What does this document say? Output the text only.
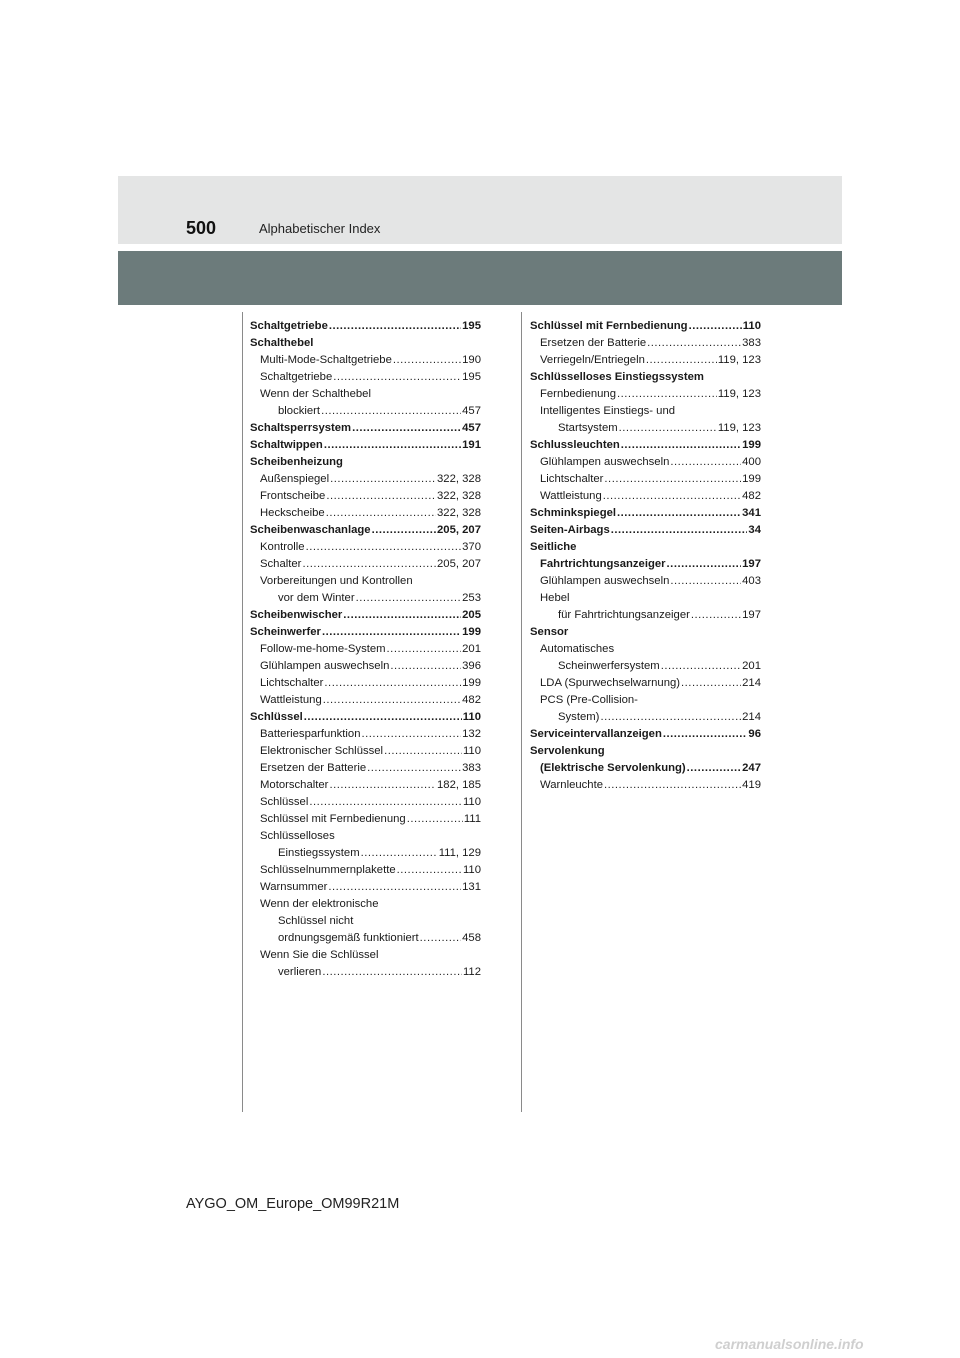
500	Alphabetischer Index
Schaltgetriebe .....	195
Schalthebel
Multi-Mode-Schaltgetriebe .....	190
Schaltgetriebe .....	195
Wenn der Schalthebel
blockiert .....	457
Schaltsperrsystem .....	457
Schaltwippen .....	191
Scheibenheizung
Außenspiegel .....	322, 328
Frontscheibe .....	322, 328
Heckscheibe .....	322, 328
Scheibenwaschanlage .....	205, 207
Kontrolle .....	370
Schalter .....	205, 207
Vorbereitungen und Kontrollen
vor dem Winter .....	253
Scheibenwischer .....	205
Scheinwerfer .....	199
Follow-me-home-System .....	201
Glühlampen auswechseln .....	396
Lichtschalter .....	199
Wattleistung .....	482
Schlüssel .....	110
Batteriesparfunktion .....	132
Elektronischer Schlüssel .....	110
Ersetzen der Batterie .....	383
Motorschalter .....	182, 185
Schlüssel .....	110
Schlüssel mit Fernbedienung .....	111
Schlüsselloses
Einstiegssystem .....	111, 129
Schlüsselnummernplakette .....	110
Warnsummer .....	131
Wenn der elektronische
Schlüssel nicht
ordnungsgemäß funktioniert .....	458
Wenn Sie die Schlüssel
verlieren .....	112
Schlüssel mit Fernbedienung .....	110
Ersetzen der Batterie .....	383
Verriegeln/Entriegeln .....	119, 123
Schlüsselloses Einstiegssystem
Fernbedienung .....	119, 123
Intelligentes Einstiegs- und
Startsystem .....	119, 123
Schlussleuchten .....	199
Glühlampen auswechseln .....	400
Lichtschalter .....	199
Wattleistung .....	482
Schminkspiegel .....	341
Seiten-Airbags .....	34
Seitliche
Fahrtrichtungsanzeiger .....	197
Glühlampen auswechseln .....	403
Hebel
für Fahrtrichtungsanzeiger .....	197
Sensor
Automatisches
Scheinwerfersystem .....	201
LDA (Spurwechselwarnung) .....	214
PCS (Pre-Collision-
System) .....	214
Serviceintervallanzeigen .....	96
Servolenkung
(Elektrische Servolenkung) .....	247
Warnleuchte .....	419
AYGO_OM_Europe_OM99R21M
carmanualsonline.info
